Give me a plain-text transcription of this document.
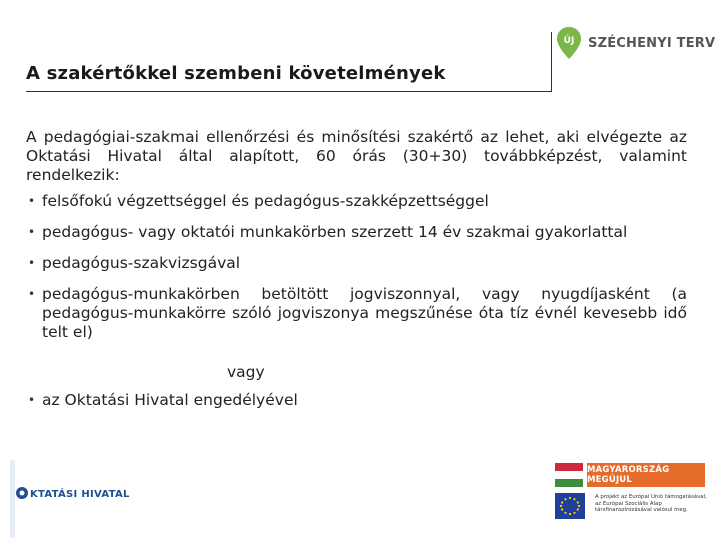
ÚJ SZÉCHENYI TERV
A szakértőkkel szembeni követelmények
A pedagógiai-szakmai ellenőrzési és minősítési szakértő az lehet, aki elvégezte az Oktatási Hivatal által alapított, 60 órás (30+30) továbbképzést, valamint rendelkezik:
• felsőfokú végzettséggel és pedagógus-szakképzettséggel
• pedagógus- vagy oktatói munkakörben szerzett 14 év szakmai gyakorlattal
• pedagógus-szakvizsgával
• pedagógus-munkakörben betöltött jogviszonnyal, vagy nyugdíjasként (a pedagógus-munkakörre szóló jogviszonya megszűnése óta tíz évnél kevesebb idő telt el)
vagy
• az Oktatási Hivatal engedélyével
KTATÁSI HIVATAL
MAGYARORSZÁG MEGÚJUL
A projekt az Európai Unió támogatásával, az Európai Szociális Alap társfinanszírozásával valósul meg.
